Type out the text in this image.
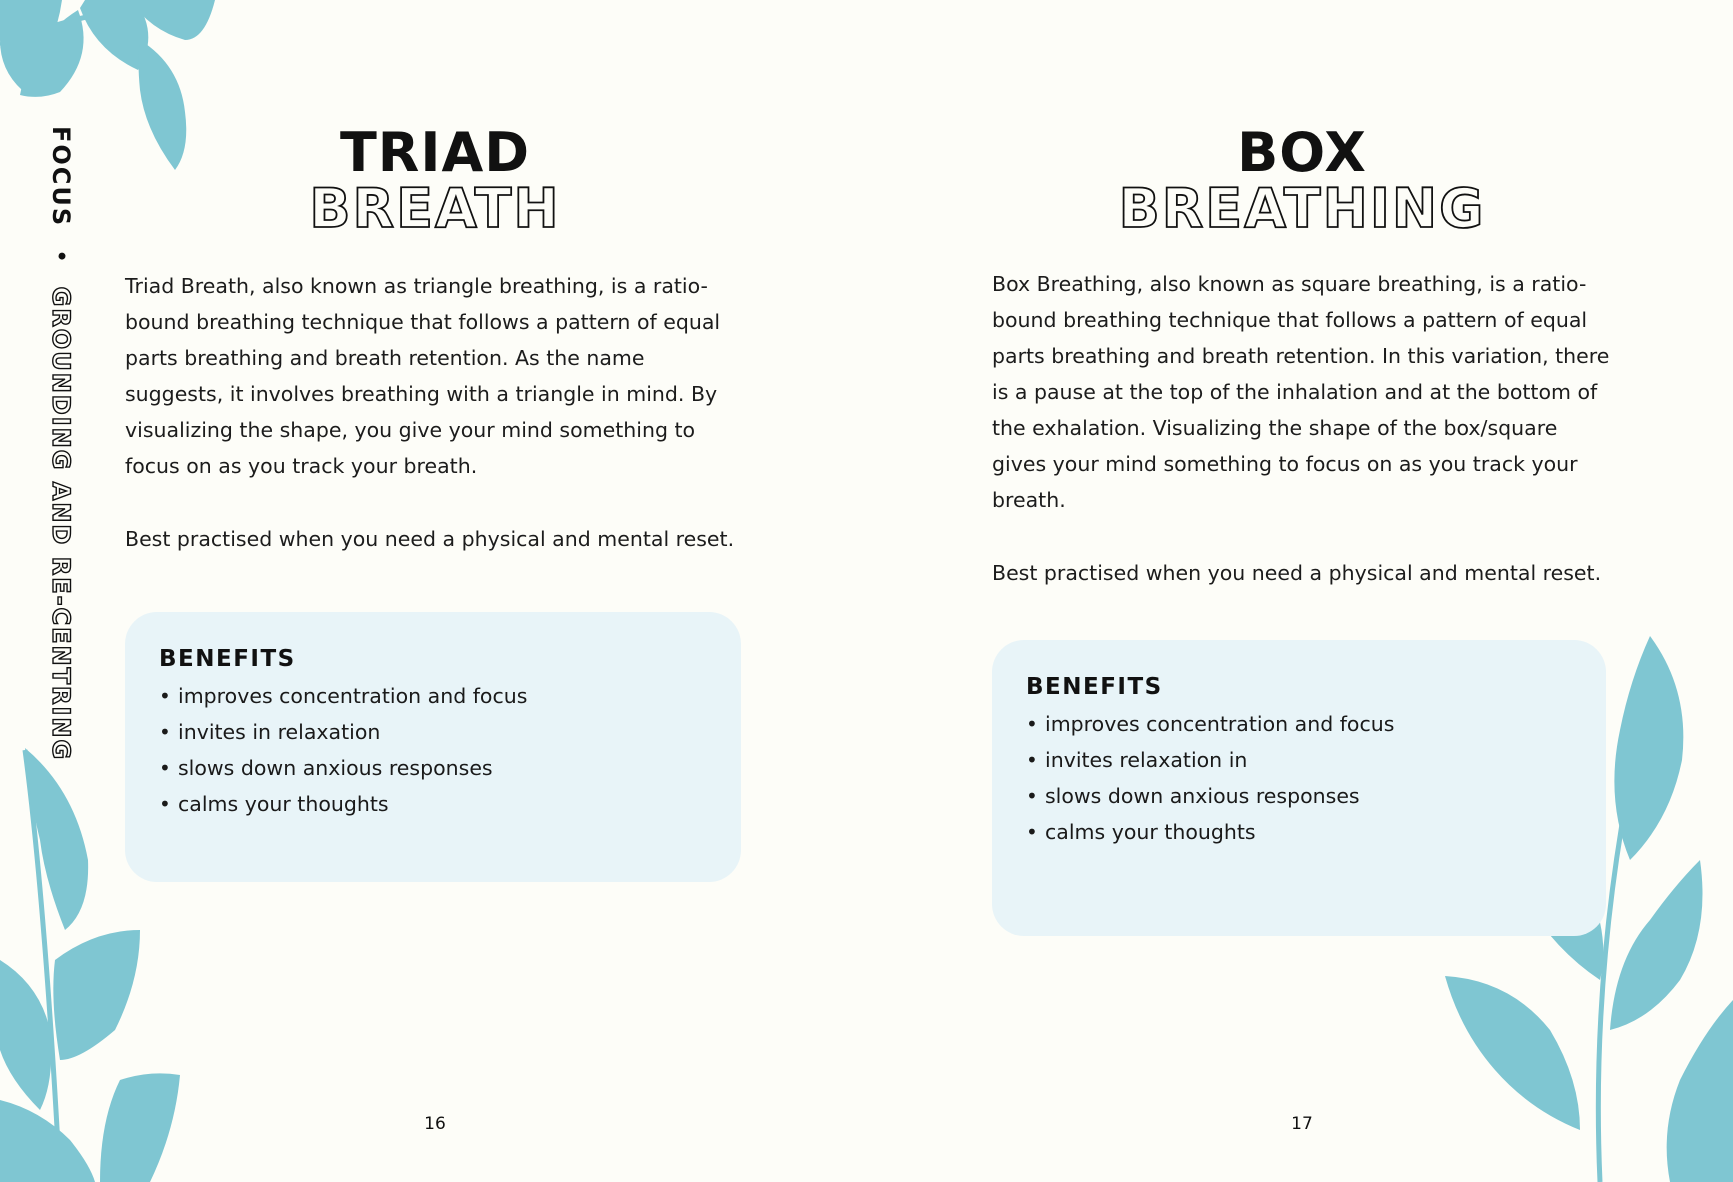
FOCUS • GROUNDING AND RE-CENTRING
TRIAD
BREATH
Triad Breath, also known as triangle breathing, is a ratio-bound breathing technique that follows a pattern of equal parts breathing and breath retention. As the name suggests, it involves breathing with a triangle in mind. By visualizing the shape, you give your mind something to focus on as you track your breath.
Best practised when you need a physical and mental reset.
BENEFITS
• improves concentration and focus
• invites in relaxation
• slows down anxious responses
• calms your thoughts
16
BOX
BREATHING
Box Breathing, also known as square breathing, is a ratio-bound breathing technique that follows a pattern of equal parts breathing and breath retention. In this variation, there is a pause at the top of the inhalation and at the bottom of the exhalation. Visualizing the shape of the box/square gives your mind something to focus on as you track your breath.
Best practised when you need a physical and mental reset.
BENEFITS
• improves concentration and focus
• invites relaxation in
• slows down anxious responses
• calms your thoughts
17
